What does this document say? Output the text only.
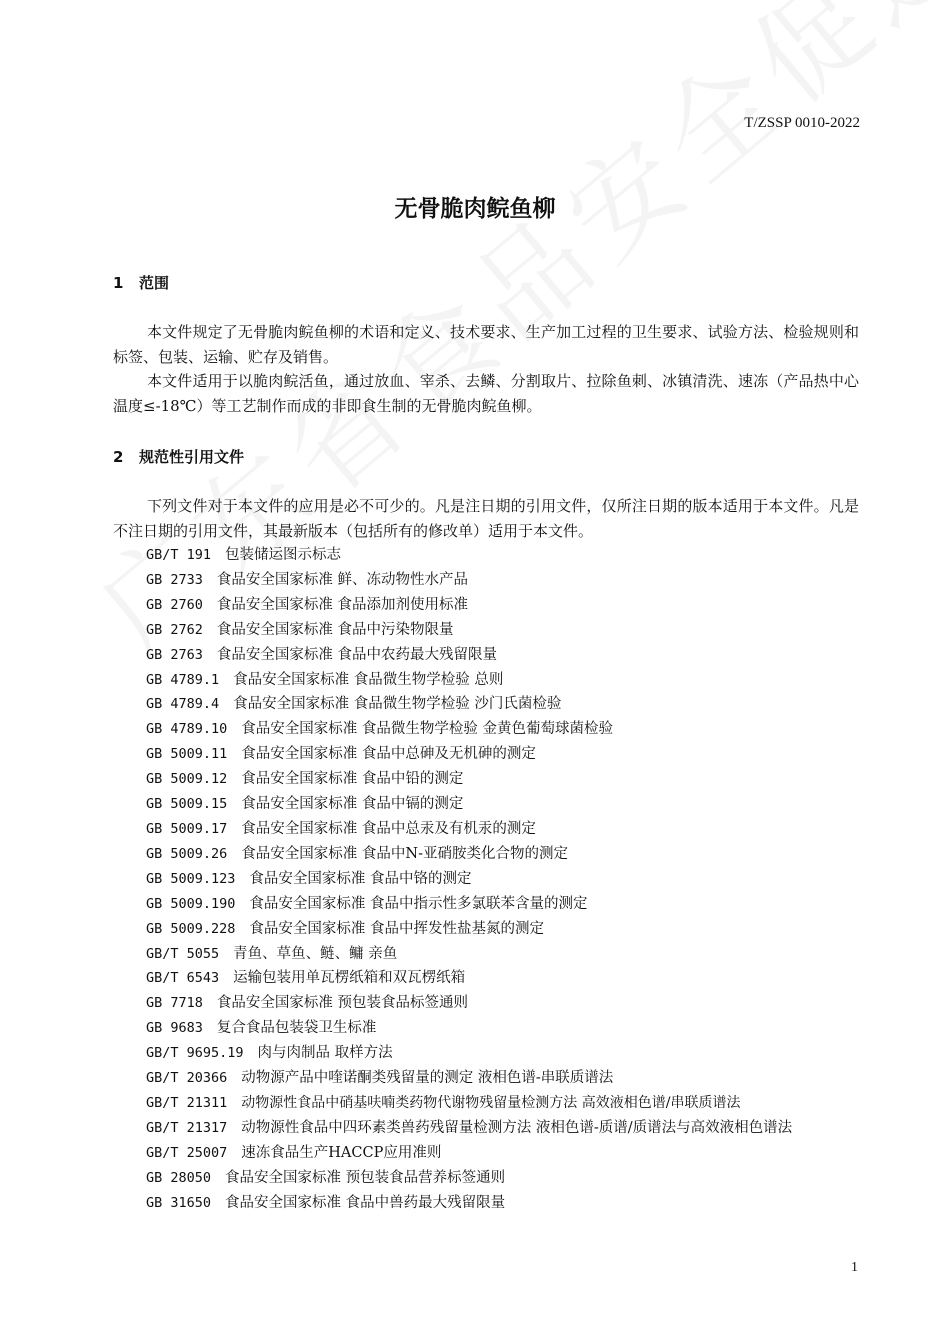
T/ZSSP 0010-2022
无骨脆肉鲩鱼柳
1 范围

本文件规定了无骨脆肉鲩鱼柳的术语和定义、技术要求、生产加工过程的卫生要求、试验方法、检验规则和标签、包装、运输、贮存及销售。

本文件适用于以脆肉鲩活鱼，通过放血、宰杀、去鳞、分割取片、拉除鱼刺、冰镇清洗、速冻（产品热中心温度≤-18℃）等工艺制作而成的非即食生制的无骨脆肉鲩鱼柳。

2 规范性引用文件

下列文件对于本文件的应用是必不可少的。凡是注日期的引用文件，仅所注日期的版本适用于本文件。凡是不注日期的引用文件，其最新版本（包括所有的修改单）适用于本文件。

GB/T 191 包装储运图示标志
GB 2733 食品安全国家标准 鲜、冻动物性水产品
GB 2760 食品安全国家标准 食品添加剂使用标准
GB 2762 食品安全国家标准 食品中污染物限量
GB 2763 食品安全国家标准 食品中农药最大残留限量
GB 4789.1 食品安全国家标准 食品微生物学检验 总则
GB 4789.4 食品安全国家标准 食品微生物学检验 沙门氏菌检验
GB 4789.10 食品安全国家标准 食品微生物学检验 金黄色葡萄球菌检验
GB 5009.11 食品安全国家标准 食品中总砷及无机砷的测定
GB 5009.12 食品安全国家标准 食品中铅的测定
GB 5009.15 食品安全国家标准 食品中镉的测定
GB 5009.17 食品安全国家标准 食品中总汞及有机汞的测定
GB 5009.26 食品安全国家标准 食品中N-亚硝胺类化合物的测定
GB 5009.123 食品安全国家标准 食品中铬的测定
GB 5009.190 食品安全国家标准 食品中指示性多氯联苯含量的测定
GB 5009.228 食品安全国家标准 食品中挥发性盐基氮的测定
GB/T 5055 青鱼、草鱼、鲢、鳙 亲鱼
GB/T 6543 运输包装用单瓦楞纸箱和双瓦楞纸箱
GB 7718 食品安全国家标准 预包装食品标签通则
GB 9683 复合食品包装袋卫生标准
GB/T 9695.19 肉与肉制品 取样方法
GB/T 20366 动物源产品中喹诺酮类残留量的测定 液相色谱-串联质谱法
GB/T 21311 动物源性食品中硝基呋喃类药物代谢物残留量检测方法 高效液相色谱/串联质谱法
GB/T 21317 动物源性食品中四环素类兽药残留量检测方法 液相色谱-质谱/质谱法与高效液相色谱法
GB/T 25007 速冻食品生产HACCP应用准则
GB 28050 食品安全国家标准 预包装食品营养标签通则
GB 31650 食品安全国家标准 食品中兽药最大残留限量
1
